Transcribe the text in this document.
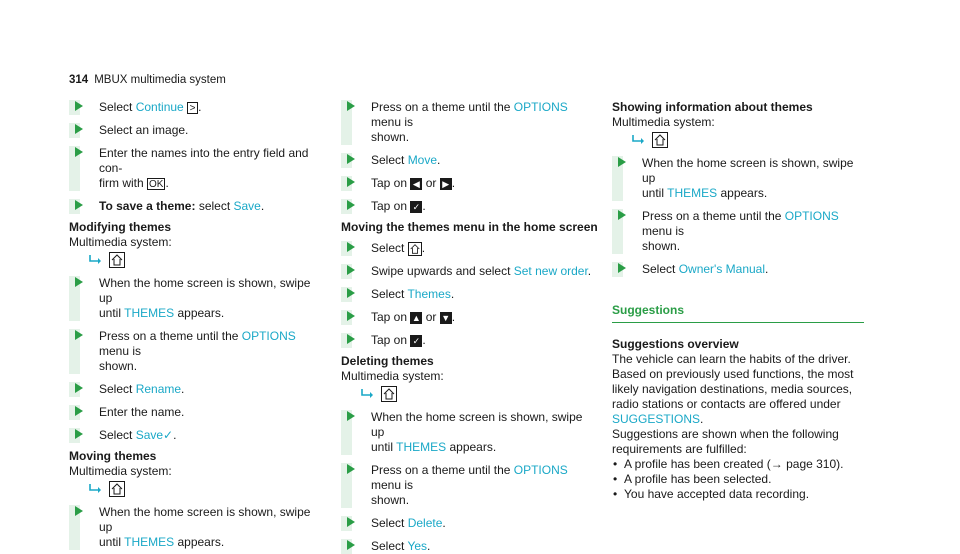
314 MBUX multimedia system
Select Continue > .
Select an image.
Enter the names into the entry field and con-
firm with OK .
To save a theme: select Save.
Modifying themes
Multimedia system:
When the home screen is shown, swipe up
until THEMES appears.
Press on a theme until the OPTIONS menu is
shown.
Select Rename.
Enter the name.
Select Save✓.
Moving themes
Multimedia system:
When the home screen is shown, swipe up
until THEMES appears.
Press on a theme until the OPTIONS menu is
shown.
Select Move.
Tap on ◀ or ▶ .
Tap on ✓ .
Moving the themes menu in the home screen
Select .
Swipe upwards and select Set new order.
Select Themes.
Tap on ▲ or ▼ .
Tap on ✓ .
Deleting themes
Multimedia system:
When the home screen is shown, swipe up
until THEMES appears.
Press on a theme until the OPTIONS menu is
shown.
Select Delete.
Select Yes.
Showing information about themes
Multimedia system:
When the home screen is shown, swipe up
until THEMES appears.
Press on a theme until the OPTIONS menu is
shown.
Select Owner's Manual.
Suggestions
Suggestions overview
The vehicle can learn the habits of the driver.
Based on previously used functions, the most
likely navigation destinations, media sources,
radio stations or contacts are offered under
SUGGESTIONS.
Suggestions are shown when the following
requirements are fulfilled:
• A profile has been created (→ page 310).
• A profile has been selected.
• You have accepted data recording.
